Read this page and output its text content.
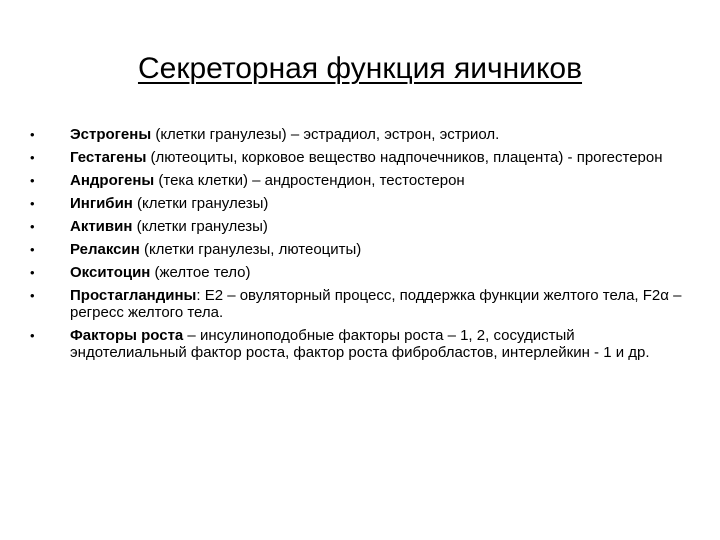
Секреторная функция яичников
• Эстрогены (клетки гранулезы) – эстрадиол, эстрон, эстриол.
• Гестагены (лютеоциты, корковое вещество надпочечников, плацента) - прогестерон
• Андрогены (тека клетки) – андростендион, тестостерон
• Ингибин (клетки гранулезы)
• Активин (клетки гранулезы)
• Релаксин (клетки гранулезы, лютеоциты)
• Окситоцин (желтое тело)
• Простагландины: E2 – овуляторный процесс, поддержка функции желтого тела, F2α – регресс желтого тела.
• Факторы роста – инсулиноподобные факторы роста – 1, 2, сосудистый эндотелиальный фактор роста, фактор роста фибробластов, интерлейкин - 1 и др.
